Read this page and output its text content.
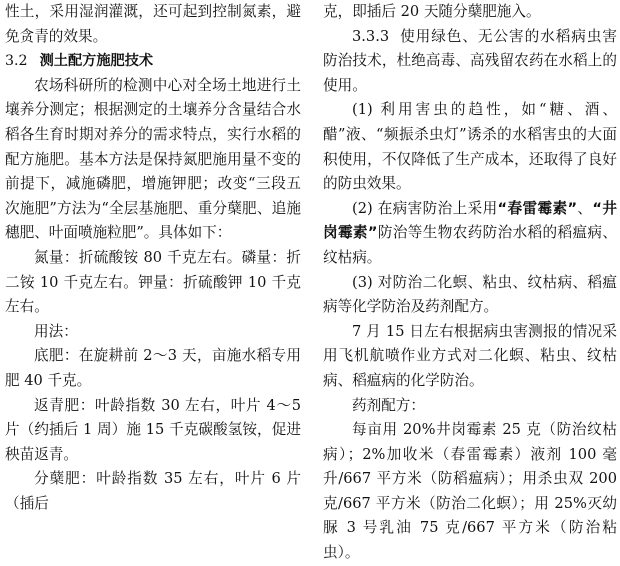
性土，采用湿润灌溉，还可起到控制氮素，避免贪青的效果。

3.2 测土配方施肥技术

农场科研所的检测中心对全场土地进行土壤养分测定；根据测定的土壤养分含量结合水稻各生育时期对养分的需求特点，实行水稻的配方施肥。基本方法是保持氮肥施用量不变的前提下，减施磷肥，增施钾肥；改变“三段五次施肥”方法为“全层基施肥、重分蘖肥、追施穗肥、叶面喷施粒肥”。具体如下：

氮量：折硫酸铵 80 千克左右。磷量：折二铵 10 千克左右。钾量：折硫酸钾 10 千克左右。

用法：

底肥：在旋耕前 2～3 天，亩施水稻专用肥 40 千克。

返青肥：叶龄指数 30 左右，叶片 4～5 片（约插后 1 周）施 15 千克碳酸氢铵，促进秧苗返青。

分蘖肥：叶龄指数 35 左右，叶片 6 片（插后

克，即插后 20 天随分蘖肥施入。

3.3.3 使用绿色、无公害的水稻病虫害防治技术，杜绝高毒、高残留农药在水稻上的使用。

(1) 利用害虫的趋性，如“糖、酒、醋”液、“频振杀虫灯”诱杀的水稻害虫的大面积使用，不仅降低了生产成本，还取得了良好的防虫效果。

(2) 在病害防治上采用“春雷霉素”、“井岗霉素”防治等生物农药防治水稻的稻瘟病、纹枯病。

(3) 对防治二化螟、粘虫、纹枯病、稻瘟病等化学防治及药剂配方。

7 月 15 日左右根据病虫害测报的情况采用飞机航喷作业方式对二化螟、粘虫、纹枯病、稻瘟病的化学防治。

药剂配方：

每亩用 20%井岗霉素 25 克（防治纹枯病）；2%加收米（春雷霉素）液剂 100 毫升/667 平方米（防稻瘟病）；用杀虫双 200 克/667 平方米（防治二化螟）；用 25%灭幼脲 3 号乳油 75 克/667 平方米（防治粘虫）。
